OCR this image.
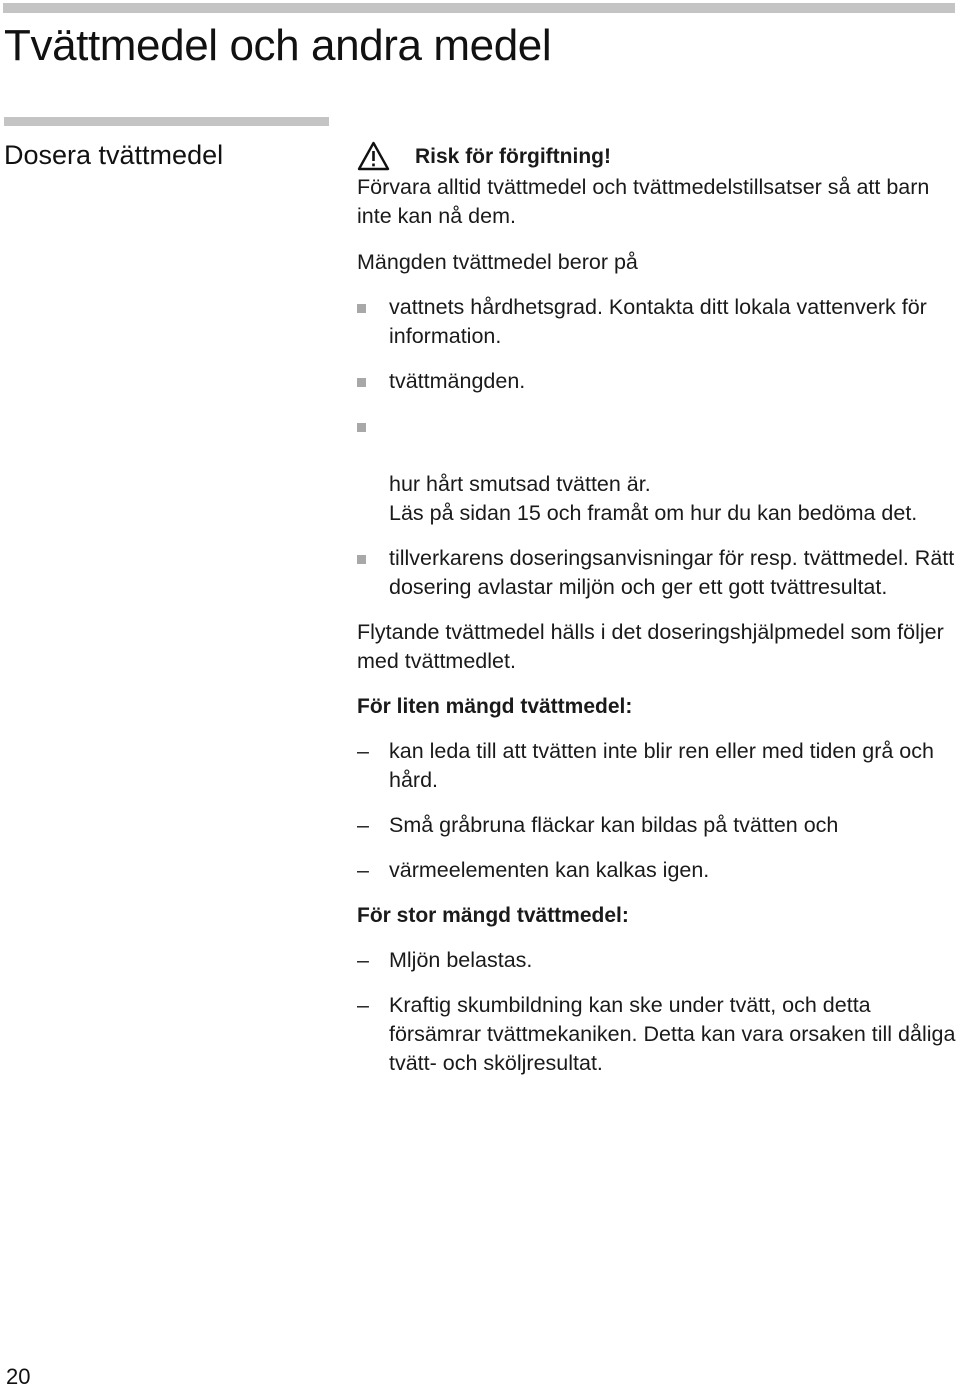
Tvättmedel och andra medel
Dosera tvättmedel	Risk för förgiftning!

Förvara alltid tvättmedel och tvättmedelstillsatser så att barn inte kan nå dem.

Mängden tvättmedel beror på

vattnets hårdhetsgrad. Kontakta ditt lokala vattenverk för information.
tvättmängden.

hur hårt smutsad tvätten är.
Läs på sidan 15 och framåt om hur du kan bedöma det.

tillverkarens doseringsanvisningar för resp. tvättmedel. Rätt dosering avlastar miljön och ger ett gott tvättresultat.

Flytande tvättmedel hälls i det doseringshjälpmedel som följer med tvättmedlet.

För liten mängd tvättmedel:

– kan leda till att tvätten inte blir ren eller med tiden grå och hård.
– Små gråbruna fläckar kan bildas på tvätten och
– värmeelementen kan kalkas igen.

För stor mängd tvättmedel:

– Mljön belastas.
– Kraftig skumbildning kan ske under tvätt, och detta försämrar tvättmekaniken. Detta kan vara orsaken till dåliga tvätt- och sköljresultat.
20
